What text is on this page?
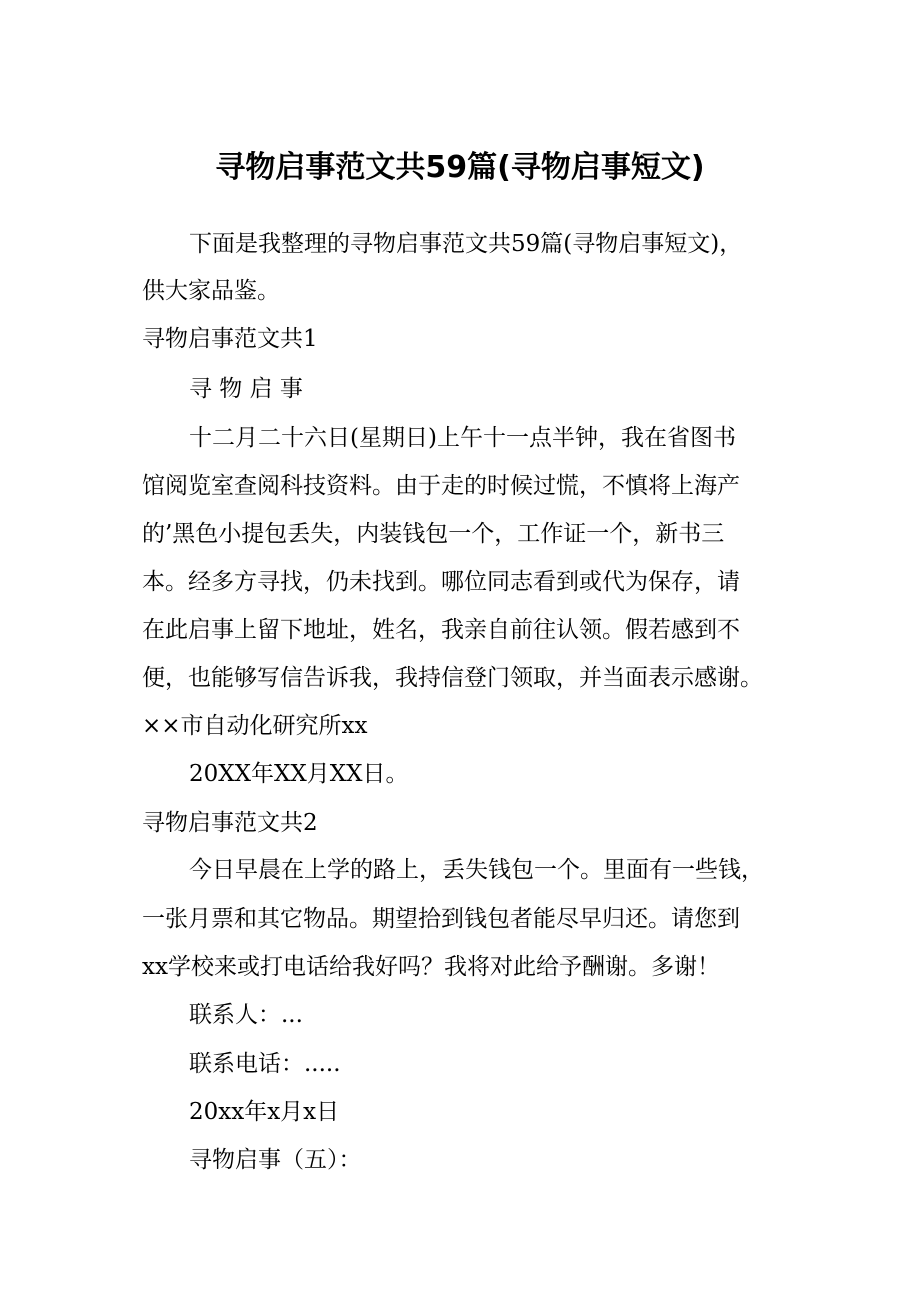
寻物启事范文共59篇(寻物启事短文)
下面是我整理的寻物启事范文共59篇(寻物启事短文)，
供大家品鉴。
寻物启事范文共1
寻 物 启 事
十二月二十六日(星期日)上午十一点半钟，我在省图书
馆阅览室查阅科技资料。由于走的时候过慌，不慎将上海产
的’黑色小提包丢失，内装钱包一个，工作证一个，新书三
本。经多方寻找，仍未找到。哪位同志看到或代为保存，请
在此启事上留下地址，姓名，我亲自前往认领。假若感到不
便，也能够写信告诉我，我持信登门领取，并当面表示感谢。
××市自动化研究所xx
20XX年XX月XX日。
寻物启事范文共2
今日早晨在上学的路上，丢失钱包一个。里面有一些钱，
一张月票和其它物品。期望拾到钱包者能尽早归还。请您到
xx学校来或打电话给我好吗？我将对此给予酬谢。多谢！
联系人：...
联系电话：.....
20xx年x月x日
寻物启事（五）：
